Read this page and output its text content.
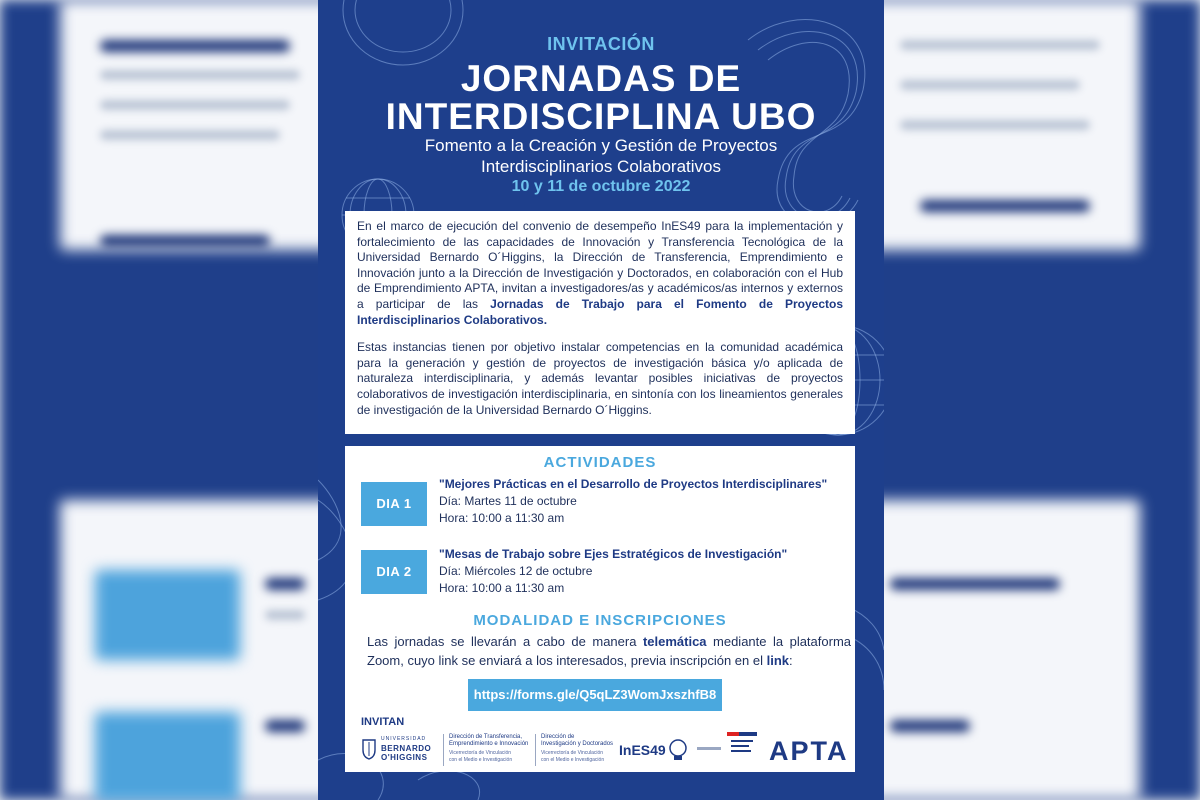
INVITACIÓN
JORNADAS DE
INTERDISCIPLINA UBO
Fomento a la Creación y Gestión de Proyectos
Interdisciplinarios Colaborativos
10 y 11 de octubre 2022

En el marco de ejecución del convenio de desempeño InES49 para la implementación y fortalecimiento de las capacidades de Innovación y Transferencia Tecnológica de la Universidad Bernardo O´Higgins, la Dirección de Transferencia, Emprendimiento e Innovación junto a la Dirección de Investigación y Doctorados, en colaboración con el Hub de Emprendimiento APTA, invitan a investigadores/as y académicos/as internos y externos a participar de las Jornadas de Trabajo para el Fomento de Proyectos Interdisciplinarios Colaborativos.

Estas instancias tienen por objetivo instalar competencias en la comunidad académica para la generación y gestión de proyectos de investigación básica y/o aplicada de naturaleza interdisciplinaria, y además levantar posibles iniciativas de proyectos colaborativos de investigación interdisciplinaria, en sintonía con los lineamientos generales de investigación de la Universidad Bernardo O´Higgins.

ACTIVIDADES
DIA 1
"Mejores Prácticas en el Desarrollo de Proyectos Interdisciplinares"
Día: Martes 11 de octubre
Hora: 10:00 a 11:30 am
DIA 2
"Mesas de Trabajo sobre Ejes Estratégicos de Investigación"
Día: Miércoles 12 de octubre
Hora: 10:00 a 11:30 am
MODALIDAD E INSCRIPCIONES
Las jornadas se llevarán a cabo de manera telemática mediante la plataforma Zoom, cuyo link se enviará a los interesados, previa inscripción en el link:
https://forms.gle/Q5qLZ3WomJxszhfB8
INVITAN
UNIVERSIDAD
BERNARDO
O'HIGGINS
Dirección de Transferencia,
Emprendimiento e Innovación
Vicerrectoría de Vinculación
con el Medio e Investigación
Dirección de
Investigación y Doctorados
Vicerrectoría de Vinculación
con el Medio e Investigación
InES49	APTA
